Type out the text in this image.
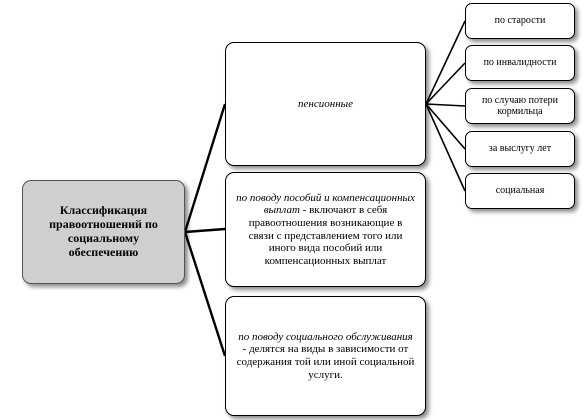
Классификация правоотношений по социальному обеспечению

пенсионные

по поводу пособий и компенсационных выплат - включают в себя правоотношения возникающие в связи с представлением того или иного вида пособий или компенсационных выплат

по поводу социального обслуживания - делятся на виды в зависимости от содержания той или иной социальной услуги.

по старости
по инвалидности
по случаю потери кормильца
за выслугу лет
социальная
